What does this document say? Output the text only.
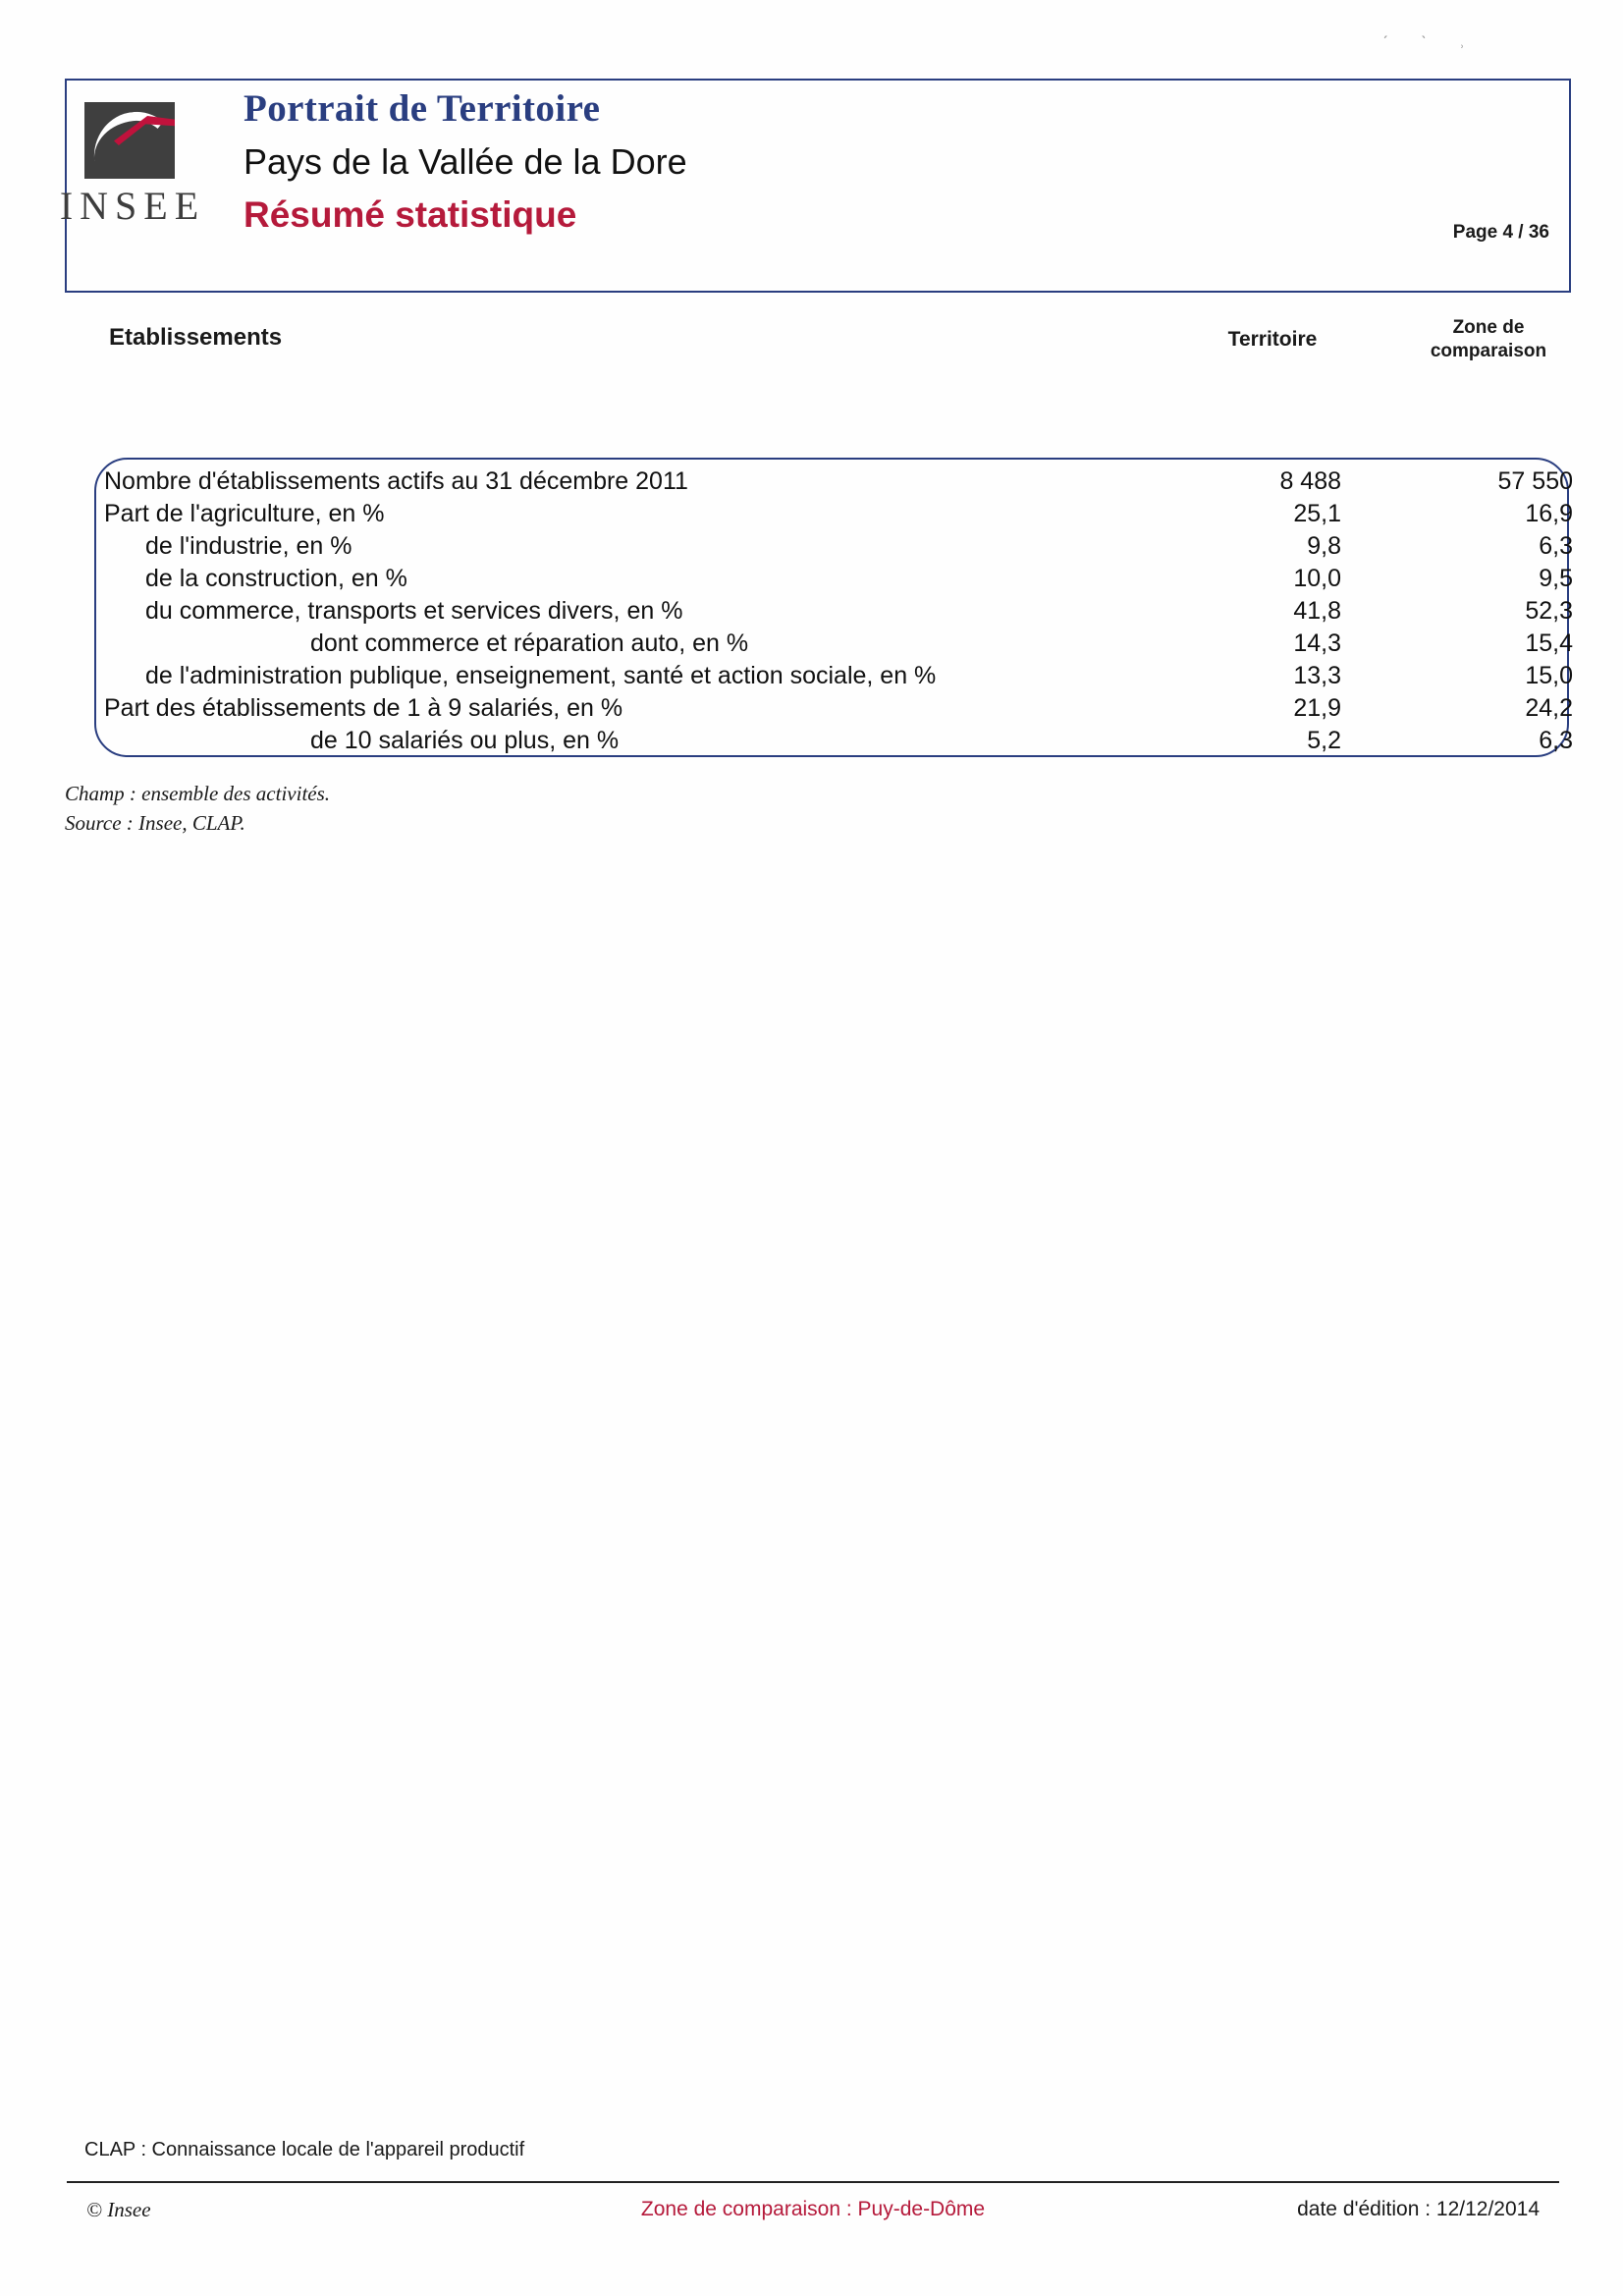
ˊ ˋ ˒
INSEE
Portrait de Territoire
Pays de la Vallée de la Dore
Résumé statistique	Page 4 / 36
Etablissements	Territoire
Zone de
comparaison
Nombre d'établissements actifs au 31 décembre 2011	8 488	57 550
Part de l'agriculture, en %	25,1	16,9
de l'industrie, en %	9,8	6,3
de la construction, en %	10,0	9,5
du commerce, transports et services divers, en %	41,8	52,3
dont commerce et réparation auto, en %	14,3	15,4
de l'administration publique, enseignement, santé et action sociale, en %	13,3	15,0
Part des établissements de 1 à 9 salariés, en %	21,9	24,2
de 10 salariés ou plus, en %	5,2	6,3
Champ : ensemble des activités.
Source : Insee, CLAP.
CLAP : Connaissance locale de l'appareil productif
Zone de comparaison : Puy-de-Dôme
© Insee	date d'édition : 12/12/2014
